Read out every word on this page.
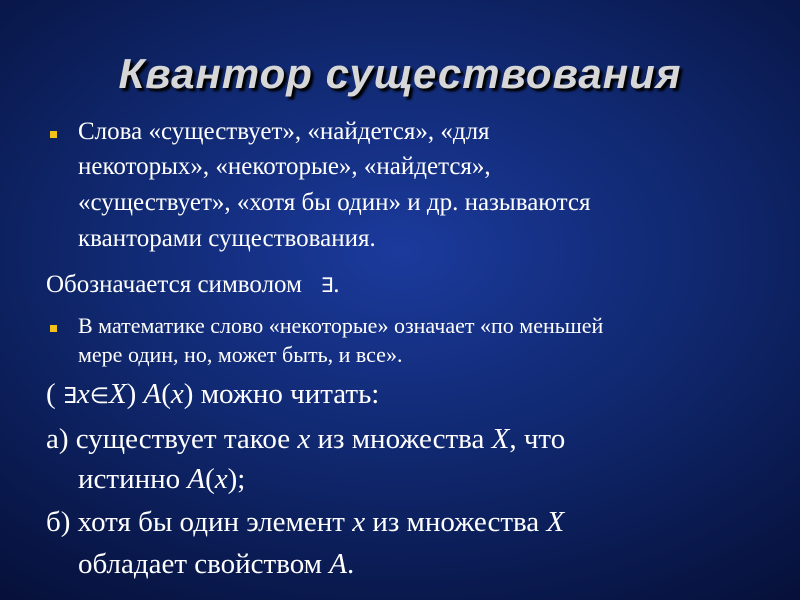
Квантор существования
Слова «существует», «найдется», «для
некоторых», «некоторые», «найдется»,
«существует», «хотя бы один» и др. называются
кванторами существования.
Обозначается символом ∃.
В математике слово «некоторые» означает «по меньшей
мере один, но, может быть, и все».
( ∃x∈X) A(x) можно читать:
а) существует такое x из множества X, что
истинно A(x);
б) хотя бы один элемент x из множества X
обладает свойством A.
